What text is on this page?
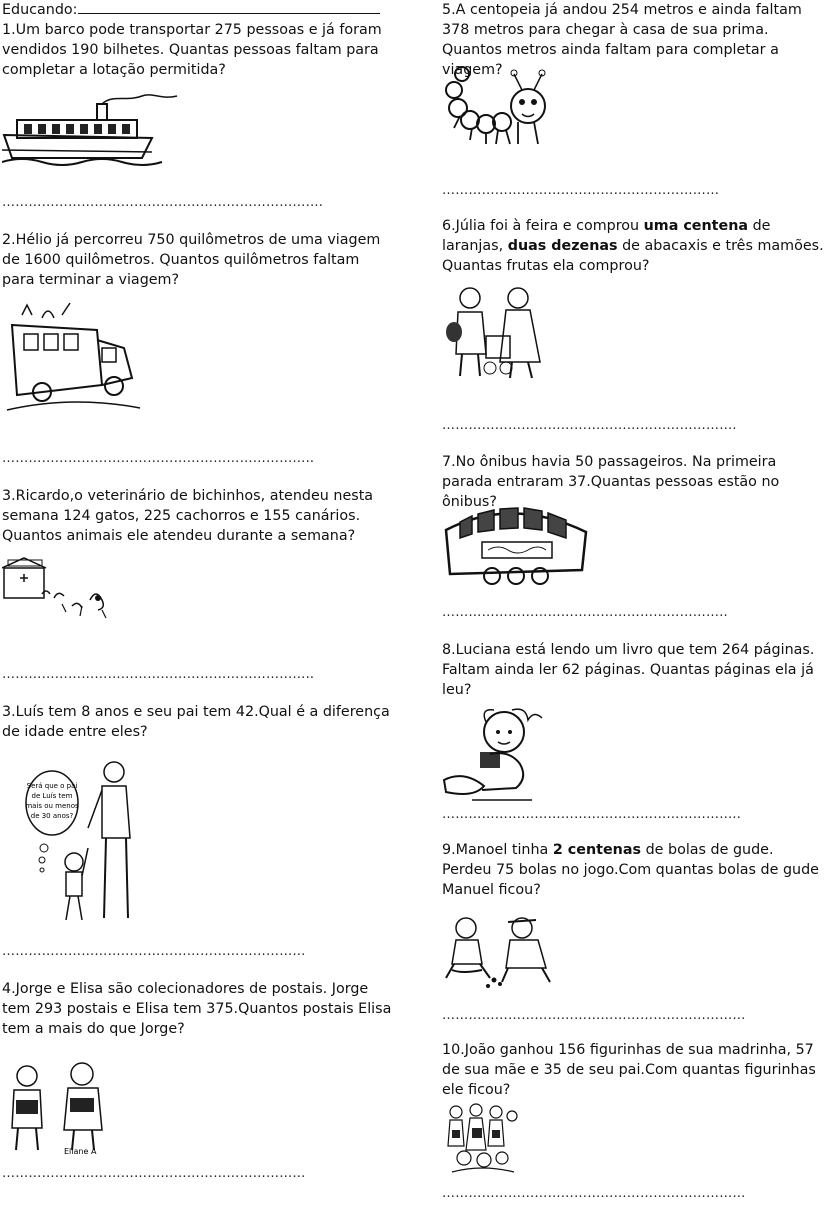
Educando:
1.Um barco pode transportar 275 pessoas e já foram vendidos 190 bilhetes. Quantas pessoas faltam para completar a lotação permitida?
……………………………………………………………….
2.Hélio já percorreu 750 quilômetros de uma viagem de 1600 quilômetros. Quantos quilômetros faltam para terminar a viagem?
……………………………………………………………..
3.Ricardo,o veterinário de bichinhos, atendeu nesta semana 124 gatos, 225 cachorros e 155 canários. Quantos animais ele atendeu durante a semana?
……………………………………………………………..
3.Luís tem 8 anos e seu pai tem 42.Qual é a diferença de idade entre eles?
Será que o pai
de Luís tem
mais ou menos
de 30 anos?
……………………………………………………………
4.Jorge e Elisa são colecionadores de postais. Jorge tem 293 postais e Elisa tem 375.Quantos postais Elisa tem a mais do que Jorge?
Eliane A
……………………………………………………………
5.A centopeia já andou 254 metros e ainda faltam 378 metros para chegar à casa de sua prima. Quantos metros ainda faltam para completar a viagem?
………………………………………………………
6.Júlia foi à feira e comprou uma centena de laranjas, duas dezenas de abacaxis e três mamões. Quantas frutas ela comprou?
………………………………………………………….
7.No ônibus havia 50 passageiros. Na primeira parada entraram 37.Quantas pessoas estão no ônibus?
………………………………………………………..
8.Luciana está lendo um livro que tem 264 páginas. Faltam ainda ler 62 páginas. Quantas páginas ela já leu?
…………………………………………………………..
9.Manoel tinha 2 centenas de bolas de gude. Perdeu 75 bolas no jogo.Com quantas bolas de gude Manuel ficou?
……………………………………………………………
10.João ganhou 156 figurinhas de sua madrinha, 57 de sua mãe e 35 de seu pai.Com quantas figurinhas ele ficou?
……………………………………………………………
